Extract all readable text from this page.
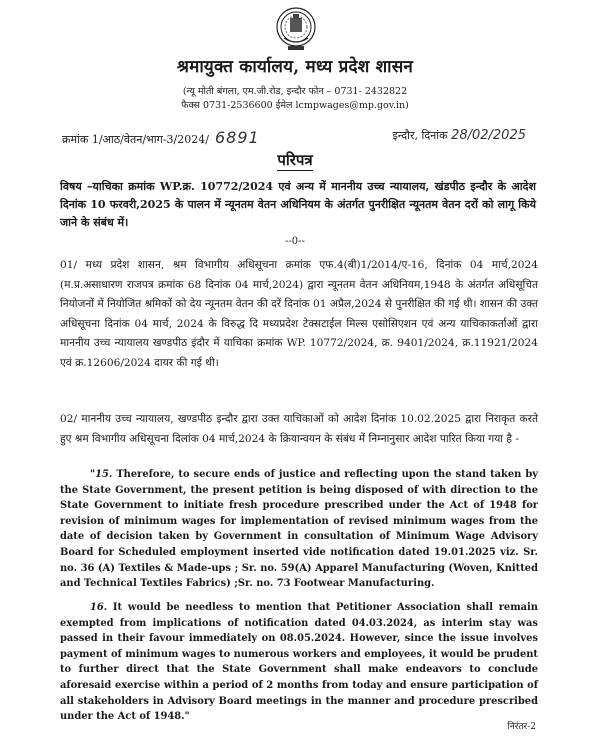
श्रमायुक्त कार्यालय, मध्य प्रदेश शासन
(न्यू मोती बंगला, एम.जी.रोड, इन्दौर फोन – 0731- 2432822
फैक्स 0731-2536600 ईमेल lcmpwages@mp.gov.in)
क्रमांक 1/आठ/वेतन/भाग-3/2024/ 6891	इन्दौर, दिनांक 28/02/2025
परिपत्र
विषय –याचिका क्रमांक WP.क्र. 10772/2024 एवं अन्य में माननीय उच्च न्यायालय, खंडपीठ इन्दौर के आदेश दिनांक 10 फरवरी,2025 के पालन में न्यूनतम वेतन अधिनियम के अंतर्गत पुनरीक्षित न्यूनतम वेतन दरों को लागू किये जाने के संबंध में।
--0--
01/ मध्य प्रदेश शासन, श्रम विभागीय अधिसूचना क्रमांक एफ.4(बी)1/2014/ए-16, दिनांक 04 मार्च,2024 (म.प्र.असाधारण राजपत्र क्रमांक 68 दिनांक 04 मार्च,2024) द्वारा न्यूनतम वेतन अधिनियम,1948 के अंतर्गत अधिसूचित नियोजनों में नियोजित श्रमिकों को देय न्यूनतम वेतन की दरें दिनांक 01 अप्रैल,2024 से पुनरीक्षित की गई थी। शासन की उक्त अधिसूचना दिनांक 04 मार्च, 2024 के विरुद्ध दि मध्यप्रदेश टेक्सटाईल मिल्स एसोसिएशन एवं अन्य याचिकाकर्ताओं द्वारा माननीय उच्च न्यायालय खण्डपीठ इंदौर में याचिका क्रमांक WP. 10772/2024, क्र. 9401/2024, क्र.11921/2024 एवं क्र.12606/2024 दायर की गई थी।
02/ माननीय उच्च न्यायालय, खण्डपीठ इन्दौर द्वारा उक्त याचिकाओं को आदेश दिनांक 10.02.2025 द्वारा निराकृत करते हुए श्रम विभागीय अधिसूचना दिलांक 04 मार्च,2024 के क्रियान्वयन के संबंध में निम्नानुसार आदेश पारित किया गया है -
"15. Therefore, to secure ends of justice and reflecting upon the stand taken by the State Government, the present petition is being disposed of with direction to the State Government to initiate fresh procedure prescribed under the Act of 1948 for revision of minimum wages for implementation of revised minimum wages from the date of decision taken by Government in consultation of Minimum Wage Advisory Board for Scheduled employment inserted vide notification dated 19.01.2025 viz. Sr. no. 36 (A) Textiles & Made-ups ; Sr. no. 59(A) Apparel Manufacturing (Woven, Knitted and Technical Textiles Fabrics) ;Sr. no. 73 Footwear Manufacturing.
16. It would be needless to mention that Petitioner Association shall remain exempted from implications of notification dated 04.03.2024, as interim stay was passed in their favour immediately on 08.05.2024. However, since the issue involves payment of minimum wages to numerous workers and employees, it would be prudent to further direct that the State Government shall make endeavors to conclude aforesaid exercise within a period of 2 months from today and ensure participation of all stakeholders in Advisory Board meetings in the manner and procedure prescribed under the Act of 1948."
निरंतर-2
